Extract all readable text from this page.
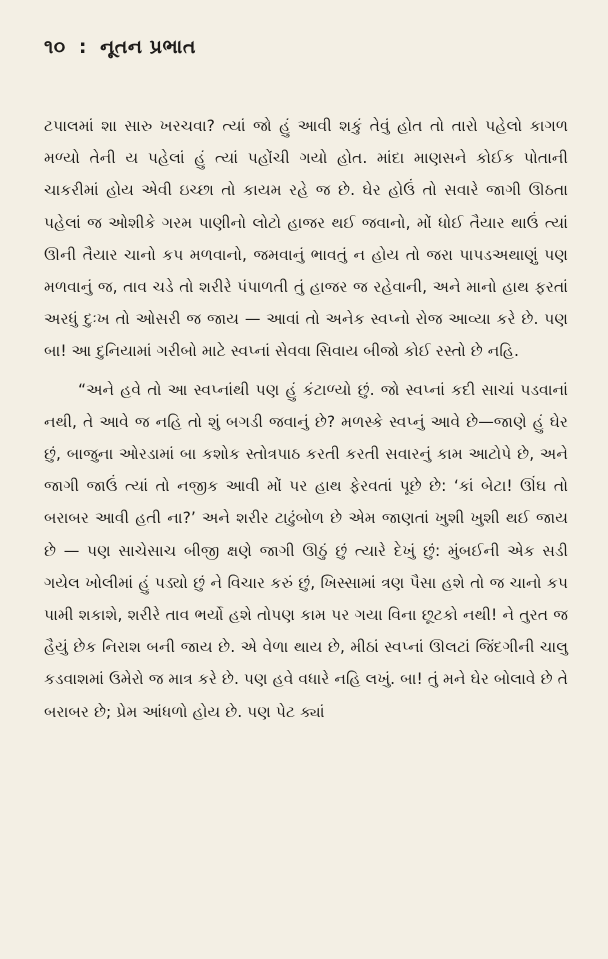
૧૦ : નૂતન પ્રભાત

ટપાલમાં શા સારુ ખરચવા? ત્યાં જો હું આવી શકું તેવું હોત તો તારો પહેલો કાગળ મળ્યો તેની ય પહેલાં હું ત્યાં પહોંચી ગયો હોત. માંદા માણસને કોઈક પોતાની ચાકરીમાં હોય એવી ઇચ્છા તો કાયમ રહે જ છે. ઘેર હોઉં તો સવારે જાગી ઊઠતા પહેલાં જ ઓશીકે ગરમ પાણીનો લોટો હાજર થઈ જવાનો, મોં ધોઈ તૈયાર થાઉં ત્યાં ઊની તૈયાર ચાનો કપ મળવાનો, જમવાનું ભાવતું ન હોય તો જરા પાપડઅથાણું પણ મળવાનું જ, તાવ ચડે તો શરીરે પંપાળતી તું હાજર જ રહેવાની, અને માનો હાથ ફરતાં અરધું દુઃખ તો ઓસરી જ જાય — આવાં તો અનેક સ્વપ્નો રોજ આવ્યા કરે છે. પણ બા! આ દુનિયામાં ગરીબો માટે સ્વપ્નાં સેવવા સિવાય બીજો કોઈ રસ્તો છે નહિ.

“અને હવે તો આ સ્વપ્નાંથી પણ હું કંટાળ્યો છું. જો સ્વપ્નાં કદી સાચાં પડવાનાં નથી, તે આવે જ નહિ તો શું બગડી જવાનું છે? મળસ્કે સ્વપ્નું આવે છે—જાણે હું ઘેર છું, બાજુના ઓરડામાં બા કશોક સ્તોત્રપાઠ કરતી કરતી સવારનું કામ આટોપે છે, અને જાગી જાઉં ત્યાં તો નજીક આવી મોં પર હાથ ફેરવતાં પૂછે છે: ‘કાં બેટા! ઊંઘ તો બરાબર આવી હતી ના?’ અને શરીર ટાઢુંબોળ છે એમ જાણતાં ખુશી ખુશી થઈ જાય છે — પણ સાચેસાચ બીજી ક્ષણે જાગી ઊઠું છું ત્યારે દેખું છું: મુંબઈની એક સડી ગયેલ ખોલીમાં હું પડ્યો છું ને વિચાર કરું છું, ખિસ્સામાં ત્રણ પૈસા હશે તો જ ચાનો કપ પામી શકાશે, શરીરે તાવ ભર્યો હશે તોપણ કામ પર ગયા વિના છૂટકો નથી! ને તુરત જ હૈયું છેક નિરાશ બની જાય છે. એ વેળા થાય છે, મીઠાં સ્વપ્નાં ઊલટાં જિંદગીની ચાલુ કડવાશમાં ઉમેરો જ માત્ર કરે છે. પણ હવે વધારે નહિ લખું. બા! તું મને ઘેર બોલાવે છે તે બરાબર છે; પ્રેમ આંધળો હોય છે. પણ પેટ ક્યાં
